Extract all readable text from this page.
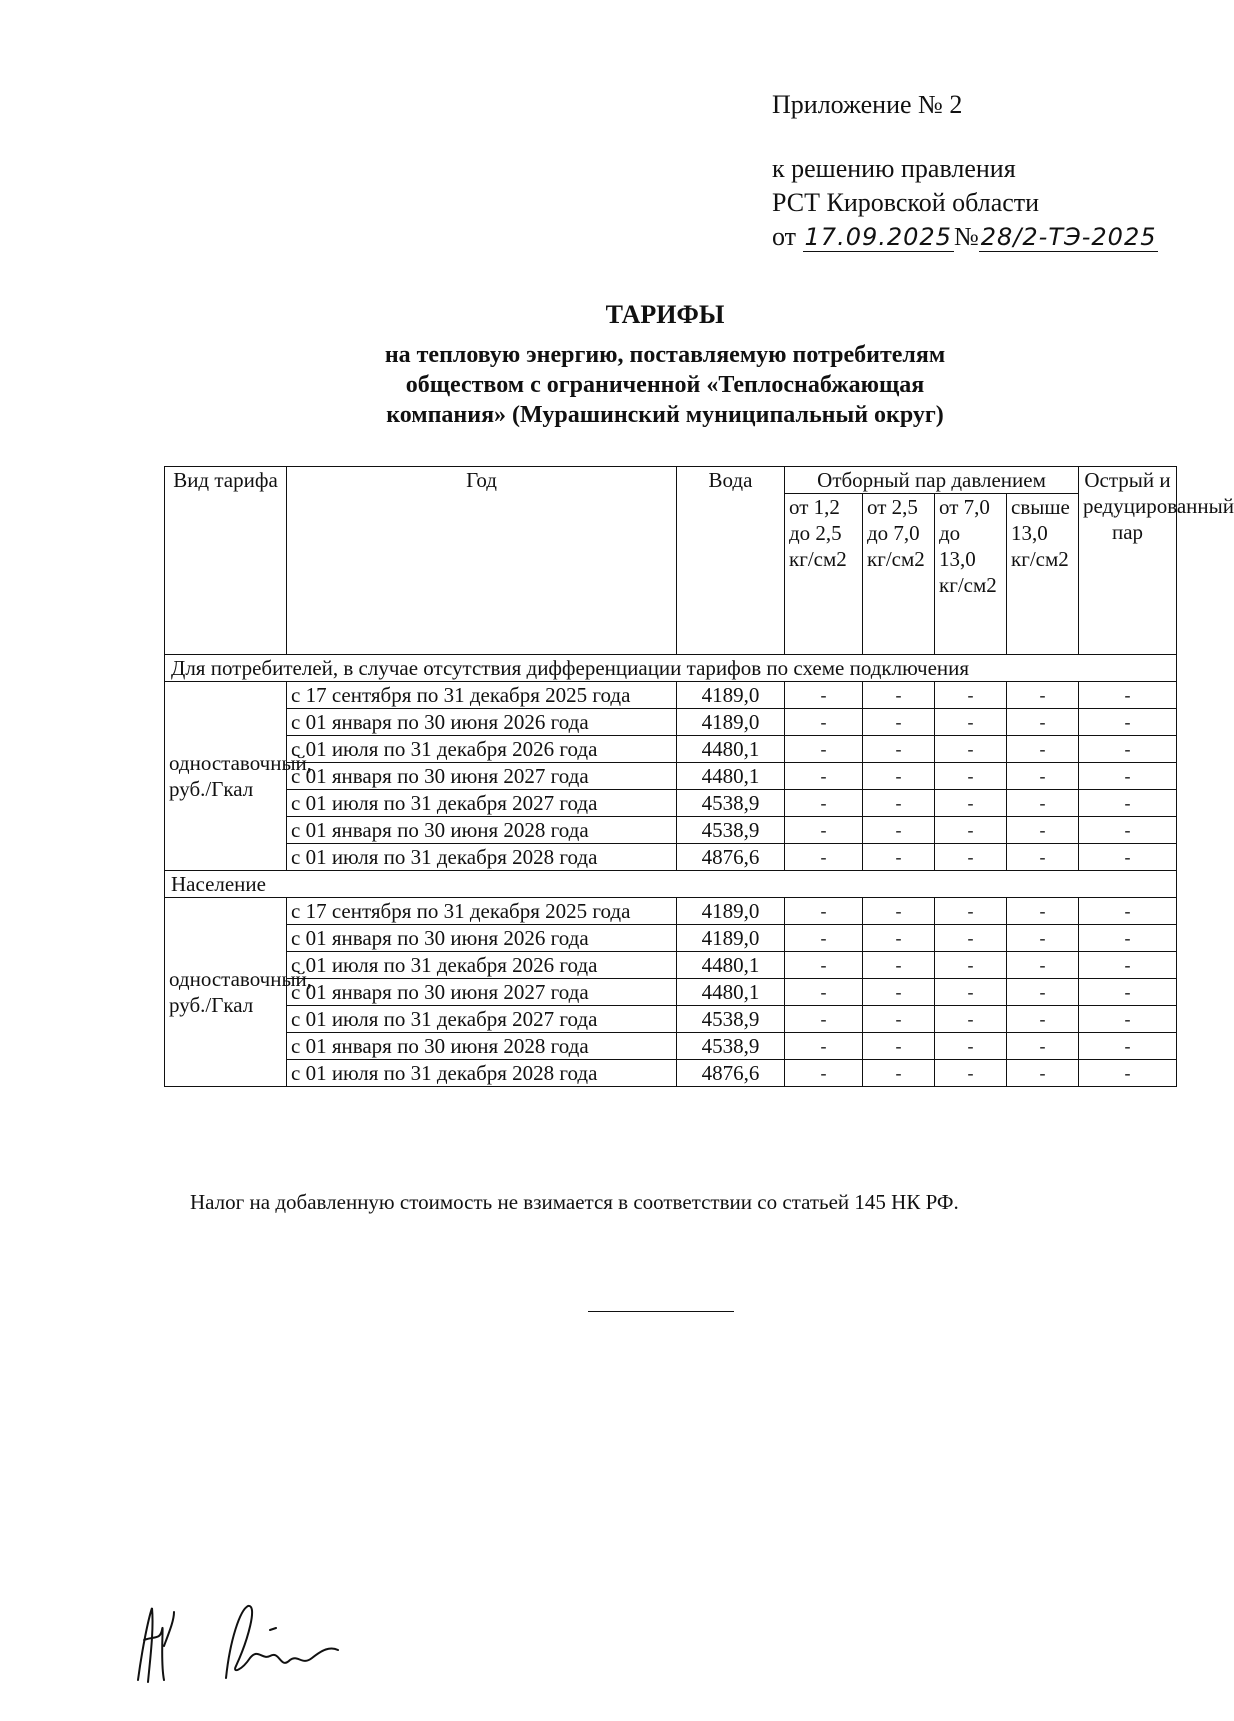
Приложение № 2
к решению правления
РСТ Кировской области
от 17.09.2025№28/2-ТЭ-2025
ТАРИФЫ
на тепловую энергию, поставляемую потребителям
обществом с ограниченной «Теплоснабжающая
компания» (Мурашинский муниципальный округ)
Вид тарифа	Год	Вода	Отборный пар давлением				Острый и редуцированный пар
			от 1,2 до 2,5 кг/см2	от 2,5 до 7,0 кг/см2	от 7,0 до 13,0 кг/см2	свыше 13,0 кг/см2	
Для потребителей, в случае отсутствия дифференциации тарифов по схеме подключения							
одноставочный, руб./Гкал	с 17 сентября по 31 декабря 2025 года	4189,0	-	-	-	-	-
	с 01 января по 30 июня 2026 года	4189,0	-	-	-	-	-
	с 01 июля по 31 декабря 2026 года	4480,1	-	-	-	-	-
	с 01 января по 30 июня 2027 года	4480,1	-	-	-	-	-
	с 01 июля по 31 декабря 2027 года	4538,9	-	-	-	-	-
	с 01 января по 30 июня 2028 года	4538,9	-	-	-	-	-
	с 01 июля по 31 декабря 2028 года	4876,6	-	-	-	-	-
Население							
одноставочный, руб./Гкал	с 17 сентября по 31 декабря 2025 года	4189,0	-	-	-	-	-
	с 01 января по 30 июня 2026 года	4189,0	-	-	-	-	-
	с 01 июля по 31 декабря 2026 года	4480,1	-	-	-	-	-
	с 01 января по 30 июня 2027 года	4480,1	-	-	-	-	-
	с 01 июля по 31 декабря 2027 года	4538,9	-	-	-	-	-
	с 01 января по 30 июня 2028 года	4538,9	-	-	-	-	-
	с 01 июля по 31 декабря 2028 года	4876,6	-	-	-	-	-
Налог на добавленную стоимость не взимается в соответствии со статьей 145 НК РФ.
